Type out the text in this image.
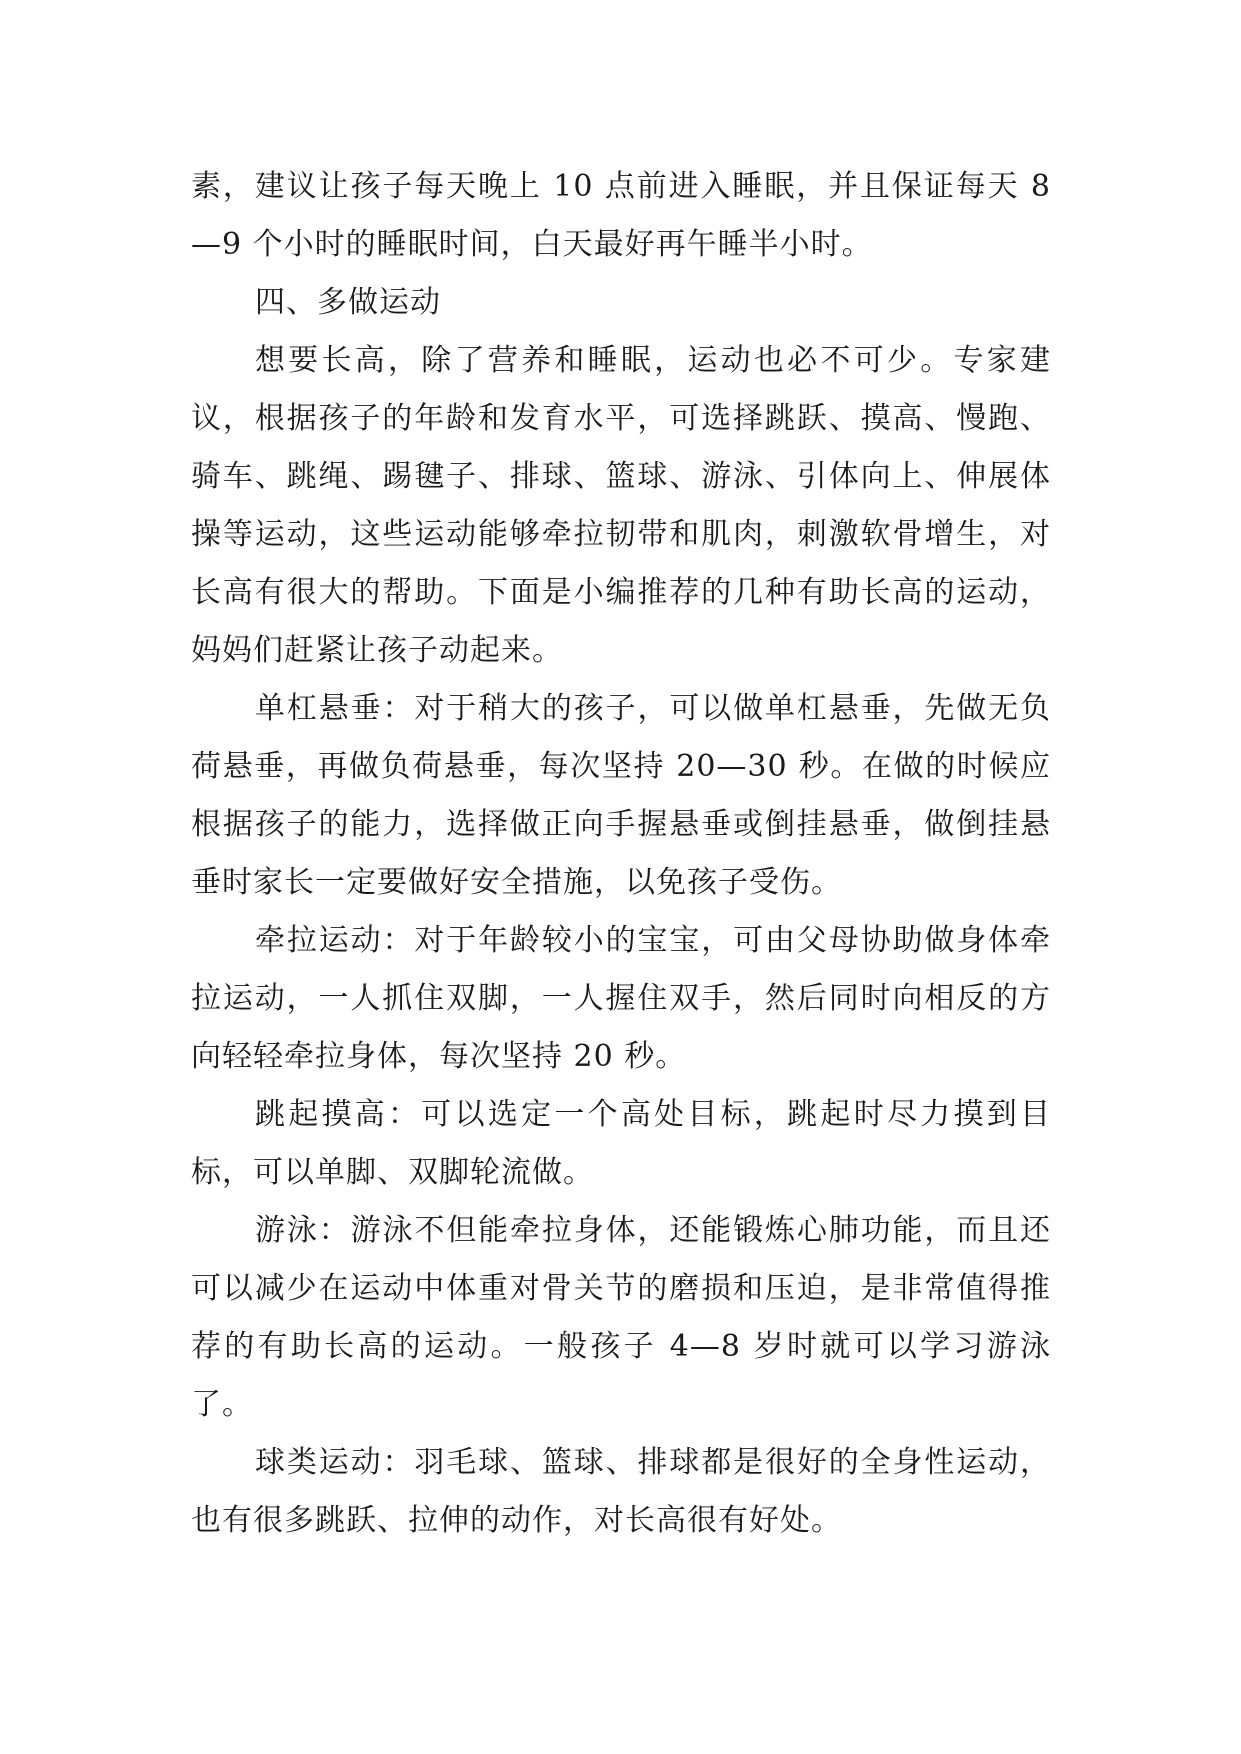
素，建议让孩子每天晚上 10 点前进入睡眠，并且保证每天 8—9 个小时的睡眠时间，白天最好再午睡半小时。

四、多做运动

想要长高，除了营养和睡眠，运动也必不可少。专家建议，根据孩子的年龄和发育水平，可选择跳跃、摸高、慢跑、骑车、跳绳、踢毽子、排球、篮球、游泳、引体向上、伸展体操等运动，这些运动能够牵拉韧带和肌肉，刺激软骨增生，对长高有很大的帮助。下面是小编推荐的几种有助长高的运动，妈妈们赶紧让孩子动起来。

单杠悬垂：对于稍大的孩子，可以做单杠悬垂，先做无负荷悬垂，再做负荷悬垂，每次坚持 20—30 秒。在做的时候应根据孩子的能力，选择做正向手握悬垂或倒挂悬垂，做倒挂悬垂时家长一定要做好安全措施，以免孩子受伤。

牵拉运动：对于年龄较小的宝宝，可由父母协助做身体牵拉运动，一人抓住双脚，一人握住双手，然后同时向相反的方向轻轻牵拉身体，每次坚持 20 秒。

跳起摸高：可以选定一个高处目标，跳起时尽力摸到目标，可以单脚、双脚轮流做。

游泳：游泳不但能牵拉身体，还能锻炼心肺功能，而且还可以减少在运动中体重对骨关节的磨损和压迫，是非常值得推荐的有助长高的运动。一般孩子 4—8 岁时就可以学习游泳了。

球类运动：羽毛球、篮球、排球都是很好的全身性运动，也有很多跳跃、拉伸的动作，对长高很有好处。
